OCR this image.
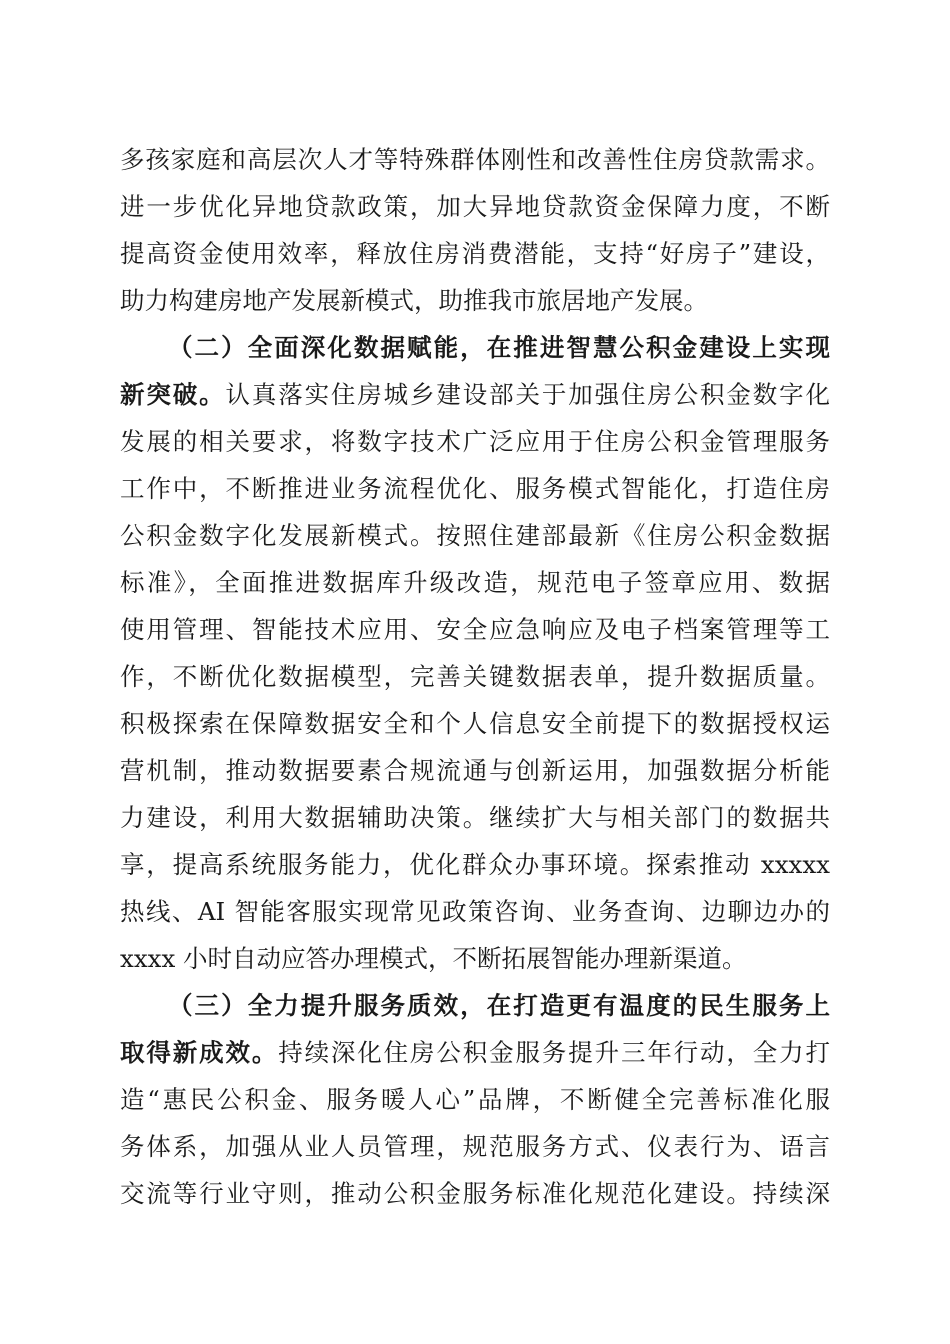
多孩家庭和高层次人才等特殊群体刚性和改善性住房贷款需求。
进一步优化异地贷款政策，加大异地贷款资金保障力度，不断
提高资金使用效率，释放住房消费潜能，支持“好房子”建设，
助力构建房地产发展新模式，助推我市旅居地产发展。
（二）全面深化数据赋能，在推进智慧公积金建设上实现
新突破。认真落实住房城乡建设部关于加强住房公积金数字化
发展的相关要求，将数字技术广泛应用于住房公积金管理服务
工作中，不断推进业务流程优化、服务模式智能化，打造住房
公积金数字化发展新模式。按照住建部最新《住房公积金数据
标准》，全面推进数据库升级改造，规范电子签章应用、数据
使用管理、智能技术应用、安全应急响应及电子档案管理等工
作，不断优化数据模型，完善关键数据表单，提升数据质量。
积极探索在保障数据安全和个人信息安全前提下的数据授权运
营机制，推动数据要素合规流通与创新运用，加强数据分析能
力建设，利用大数据辅助决策。继续扩大与相关部门的数据共
享，提高系统服务能力，优化群众办事环境。探索推动 xxxxx
热线、AI 智能客服实现常见政策咨询、业务查询、边聊边办的
xxxx 小时自动应答办理模式，不断拓展智能办理新渠道。
（三）全力提升服务质效，在打造更有温度的民生服务上
取得新成效。持续深化住房公积金服务提升三年行动，全力打
造“惠民公积金、服务暖人心”品牌，不断健全完善标准化服
务体系，加强从业人员管理，规范服务方式、仪表行为、语言
交流等行业守则，推动公积金服务标准化规范化建设。持续深
